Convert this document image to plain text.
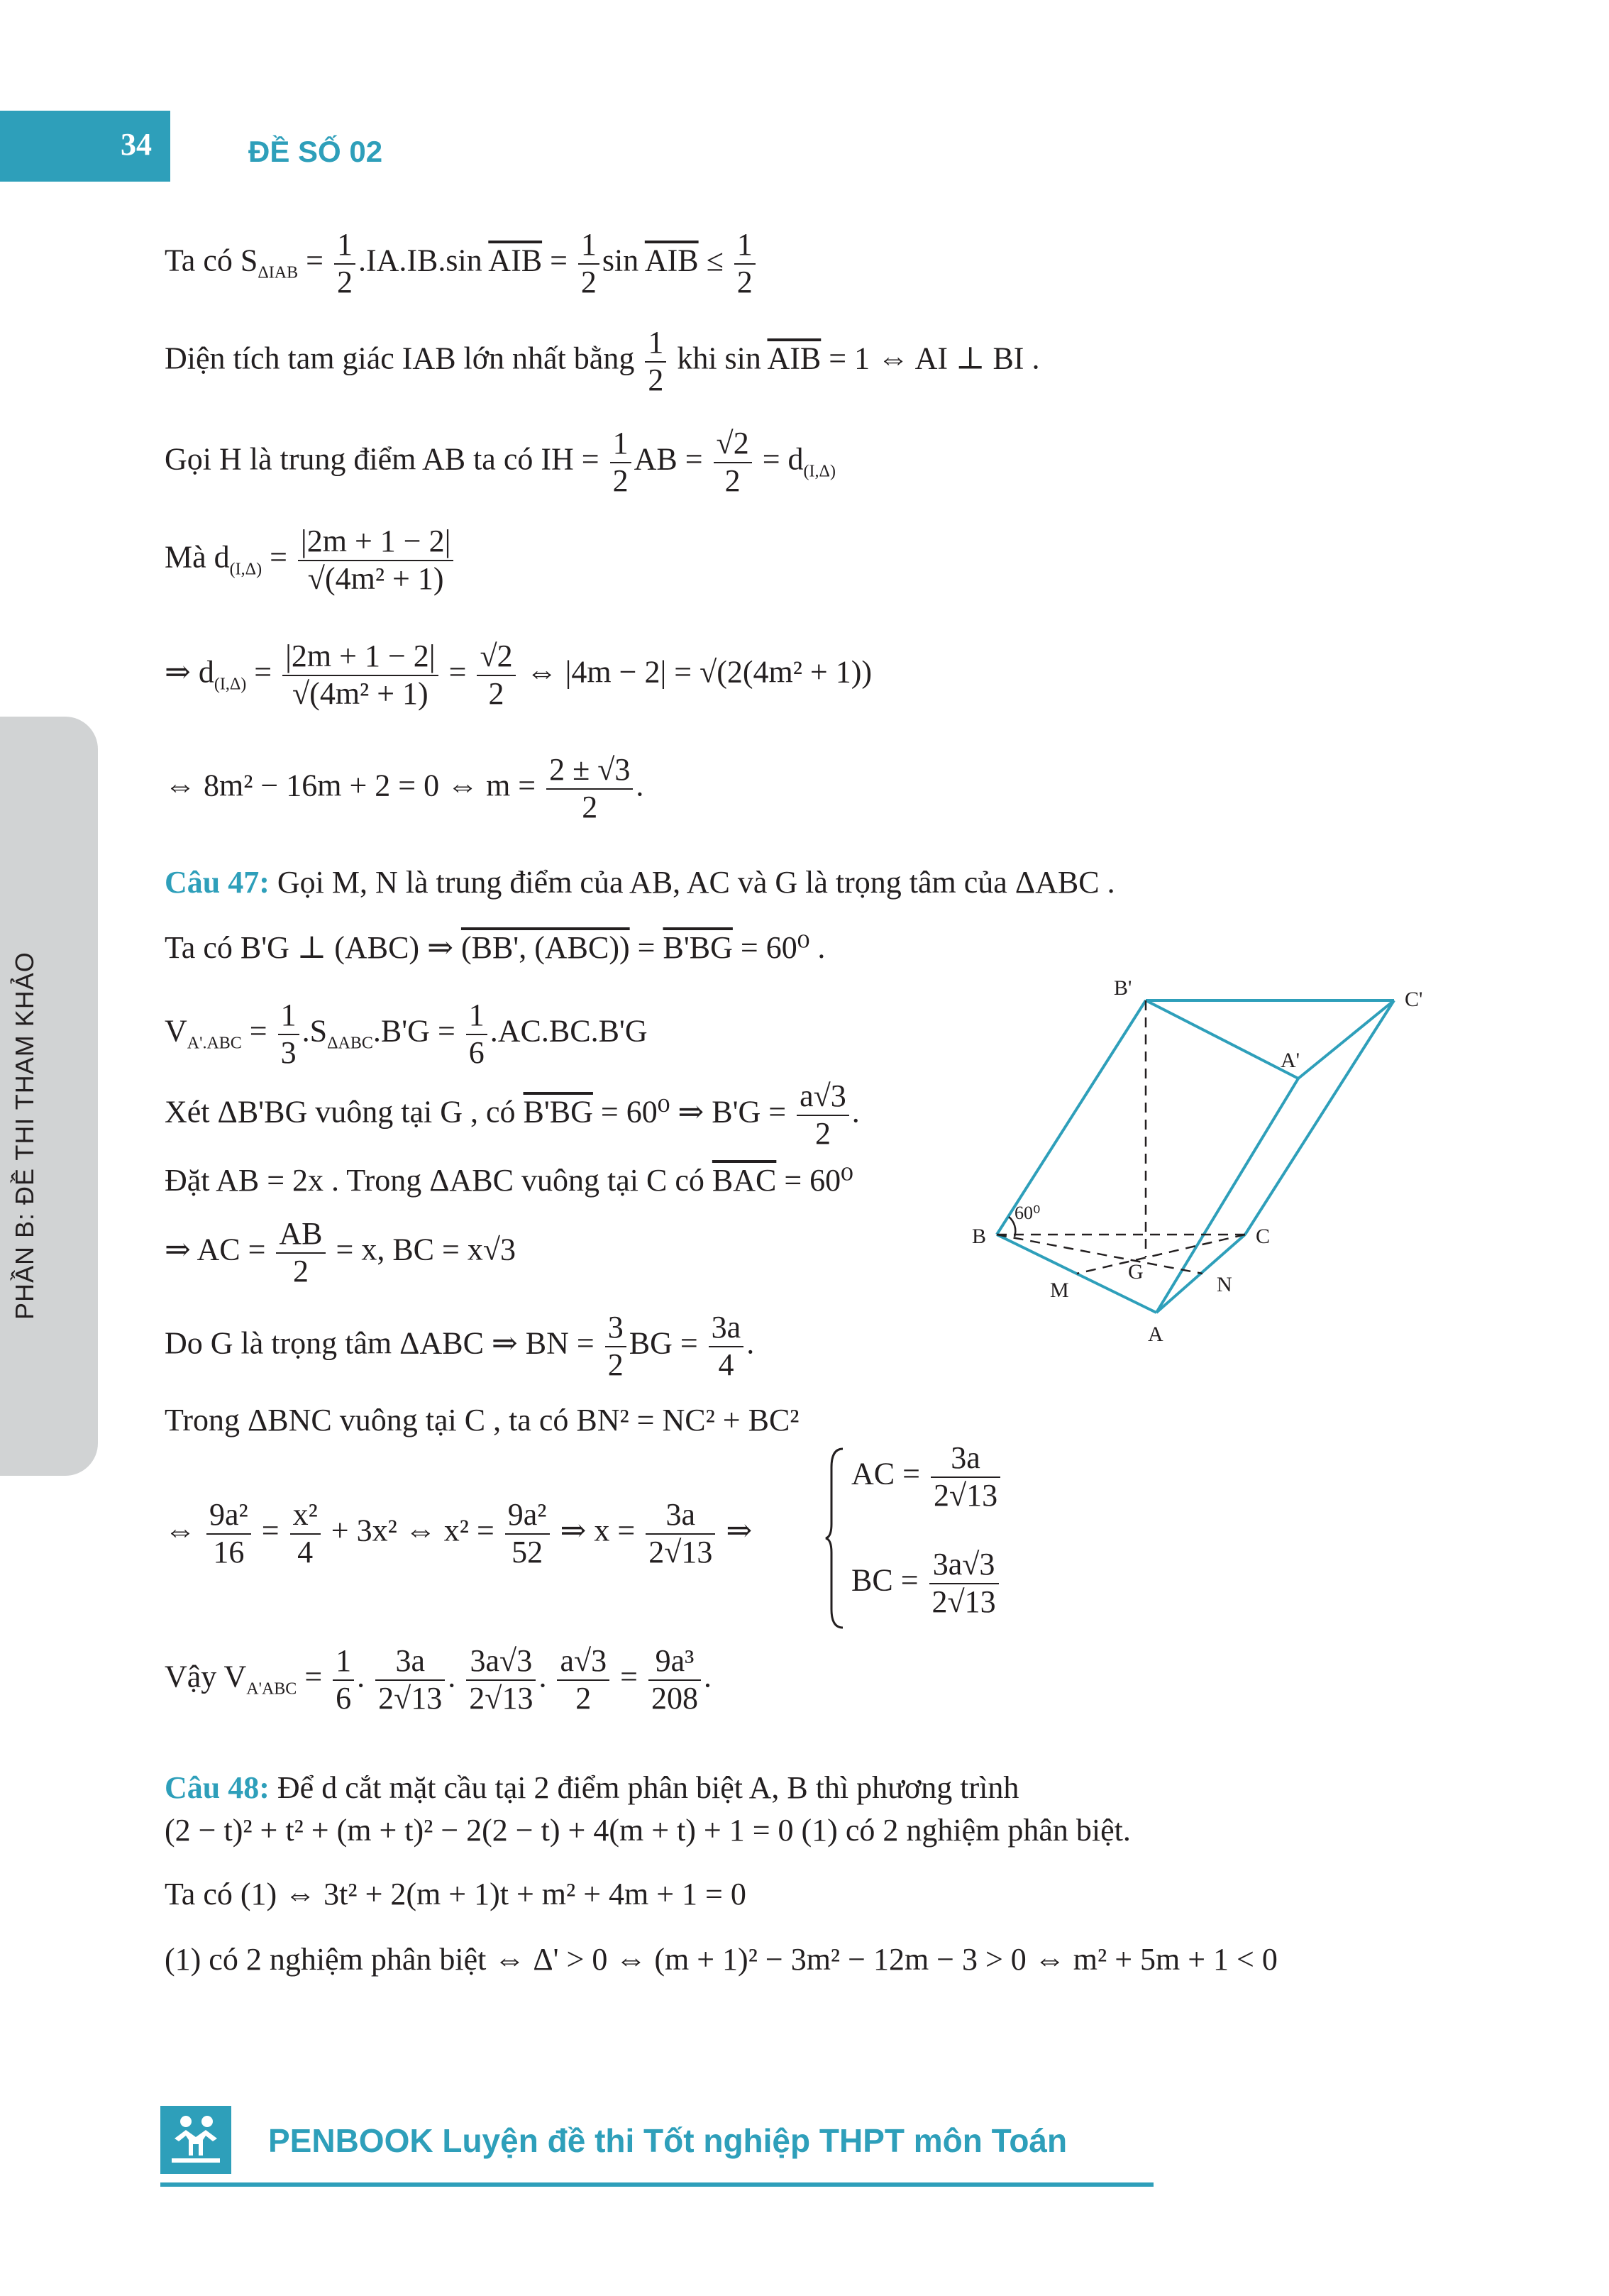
34	ĐỀ SỐ 02
PHẦN B: ĐỀ THI THAM KHẢO
Ta có $S_{\Delta IAB} = \frac{1}{2} .IA.IB.\sin$ $\overline{AIB} = \frac{1}{2}$ $\sin \overline{AIB} \le \frac{1}{2}$
Diện tích tam giác IAB lớn nhất bằng $\frac{1}{2}$ khi $\sin \overline{AIB} = 1$ ⇔ AI ⊥ BI .
Gọi H là trung điểm AB ta có IH = $\frac{1}{2}$ AB = $\frac{√2}{2} = d_{(I,\Delta)}$
Mà $d_{(I,\Delta)} = \frac{|2m + 1 - 2|}{\text{√(4m² + 1)}}$
⇒ $d_{(I,\Delta)} = \frac{|2m + 1 - 2|}{\text{√(4m² + 1)}} = \frac{√2}{2}$ ⇔ |4m − 2| = √(2(4m² + 1))
⇔ 8m² − 16m + 2 = 0 ⇔ $m = \frac{2 \pm √3}{2}$ .
Câu 47: Gọi M, N là trung điểm của AB, AC và G là trọng tâm của ΔABC .
Ta có B'G ⊥ (ABC) ⇒ (BB', (ABC)) = B'BG = 60⁰ .
$V_{A'.ABC} = \frac{1}{3} .S_{\Delta ABC}.B'G = \frac{1}{6} .AC.BC.B'G$
Xét ΔB'BG vuông tại G , có B'BG = 60⁰ ⇒ $B'G = \frac{a√3}{2}$ .
Đặt AB = 2x . Trong ΔABC vuông tại C có $\overline{BAC} = 60^0$
⇒ AC = $\frac{AB}{2} = x$, BC = x√3
Do G là trọng tâm ΔABC ⇒ BN = $\frac{3}{2}$ BG = $\frac{3a}{4}$ .
Trong ΔBNC vuông tại C , ta có BN² = NC² + BC²
⇔ $\frac{\text{9a²}}{16} = \frac{\text{x²}}{4} + 3x^2$ ⇔ $x^2 = \frac{\text{9a²}}{52}$ ⇒ $x = \frac{3a}{2√13}$ ⇒
AC = $\frac{3a}{2√13}$
BC = $\frac{3a√3}{2√13}$
Vậy $V_{A'ABC} = \frac{1}{6}$ . $\frac{3a}{2√13}$ . $\frac{3a√3}{2√13}$ . $\frac{a√3}{2} = \frac{\text{9a³}}{208}$ .
Câu 48: Để d cắt mặt cầu tại 2 điểm phân biệt A, B thì phương trình
(2 − t)² + t² + (m + t)² − 2(2 − t) + 4(m + t) + 1 = 0 (1) có 2 nghiệm phân biệt.
Ta có (1) ⇔ 3t² + 2(m + 1)t + m² + 4m + 1 = 0
(1) có 2 nghiệm phân biệt ⇔ Δ' > 0 ⇔ (m + 1)² − 3m² − 12m − 3 > 0 ⇔ m² + 5m + 1 < 0
B'	C'
A'
60⁰
B	C
G
M	N
A
PENBOOK Luyện đề thi Tốt nghiệp THPT môn Toán
